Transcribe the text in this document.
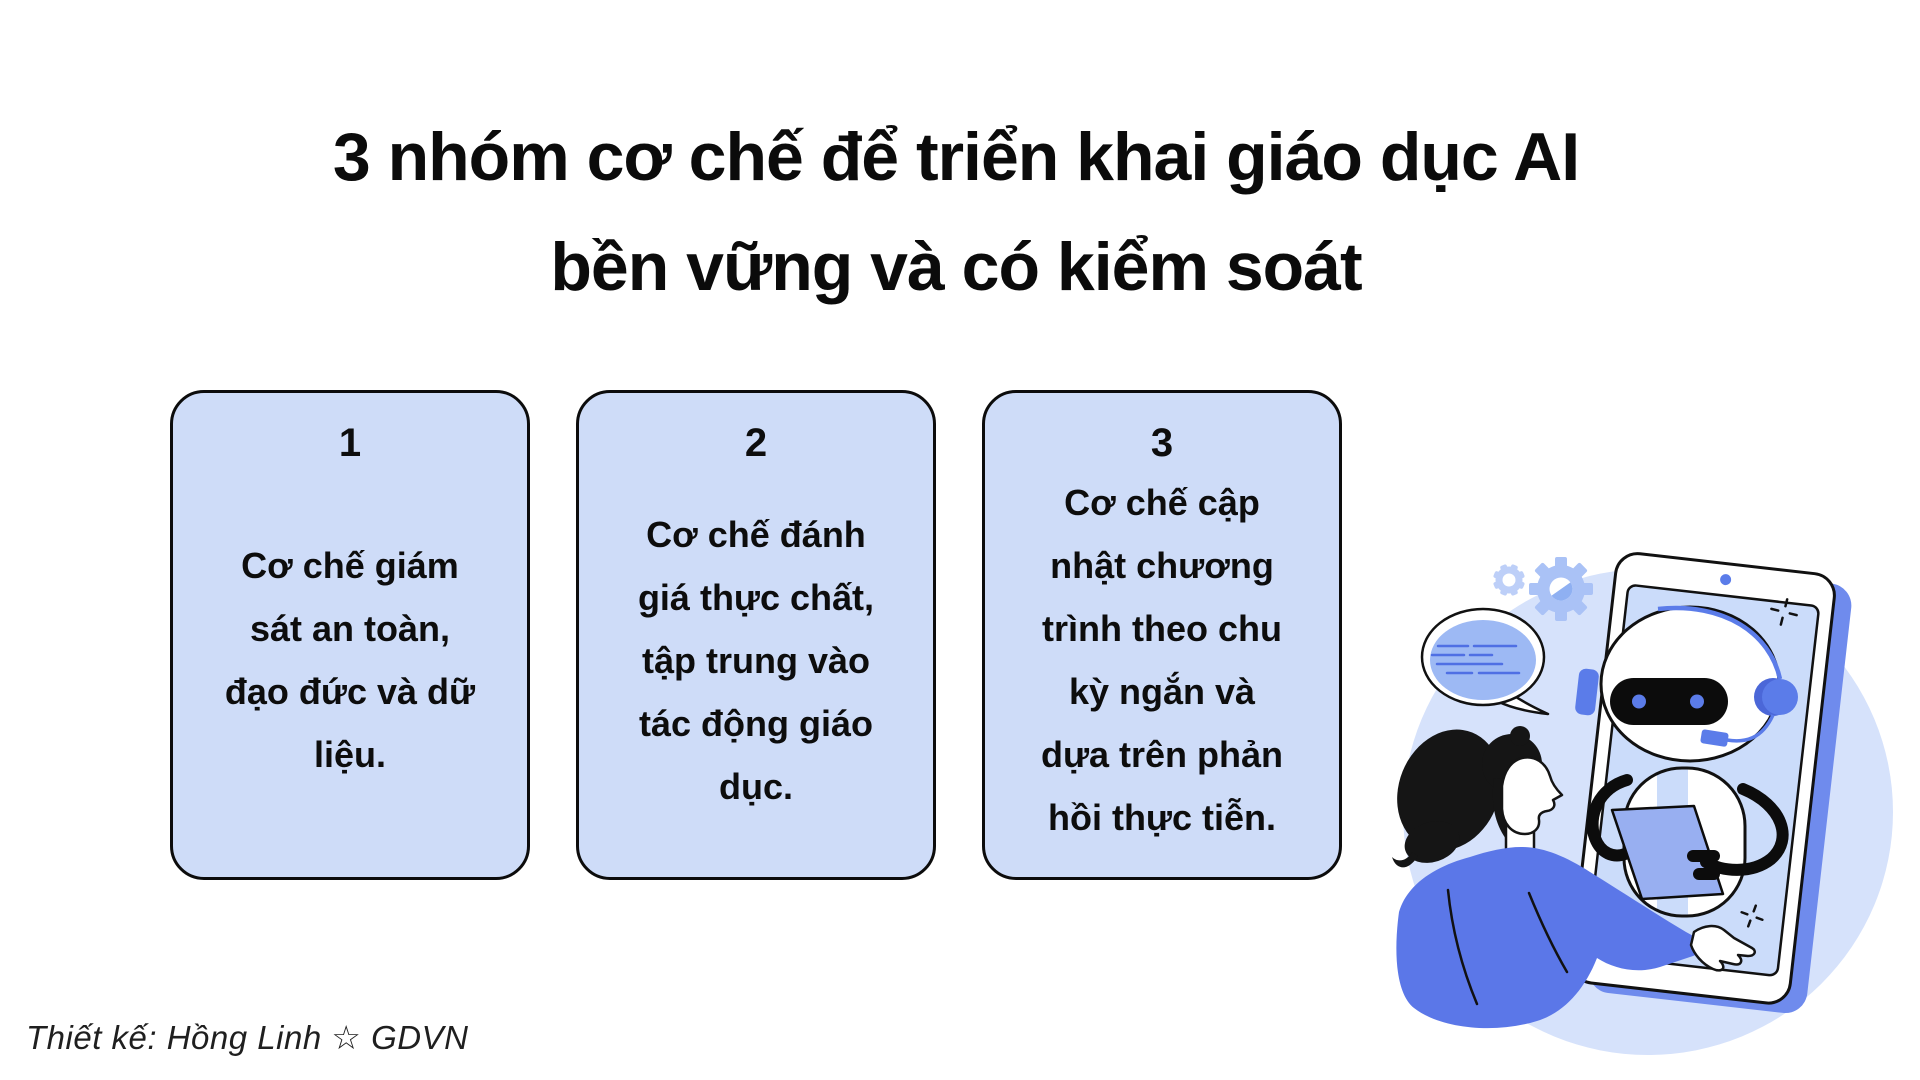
3 nhóm cơ chế để triển khai giáo dục AI
bền vững và có kiểm soát
1
Cơ chế giám
sát an toàn,
đạo đức và dữ
liệu.
2
Cơ chế đánh
giá thực chất,
tập trung vào
tác động giáo
dục.
3
Cơ chế cập
nhật chương
trình theo chu
kỳ ngắn và
dựa trên phản
hồi thực tiễn.
Thiết kế: Hồng Linh ☆ GDVN
